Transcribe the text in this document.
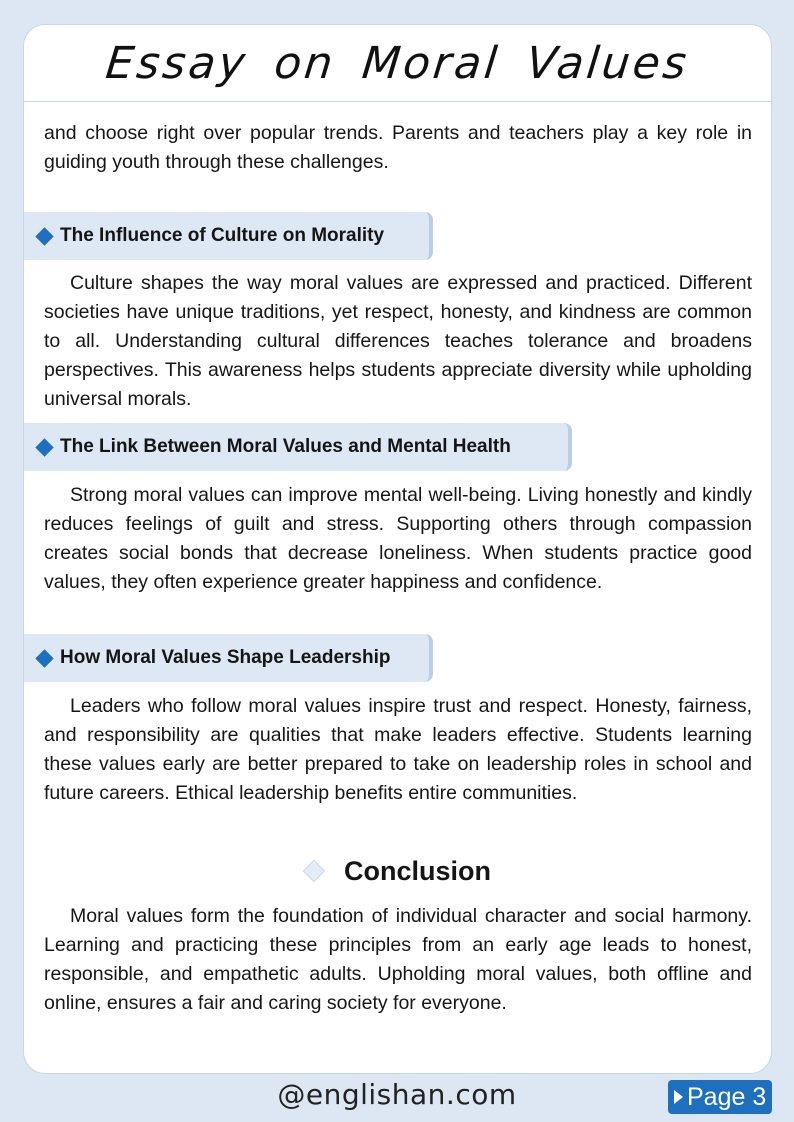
Essay on Moral Values

and choose right over popular trends. Parents and teachers play a key role in guiding youth through these challenges.

The Influence of Culture on Morality

Culture shapes the way moral values are expressed and practiced. Different societies have unique traditions, yet respect, honesty, and kindness are common to all. Understanding cultural differences teaches tolerance and broadens perspectives. This awareness helps students appreciate diversity while upholding universal morals.

The Link Between Moral Values and Mental Health

Strong moral values can improve mental well-being. Living honestly and kindly reduces feelings of guilt and stress. Supporting others through compassion creates social bonds that decrease loneliness. When students practice good values, they often experience greater happiness and confidence.

How Moral Values Shape Leadership

Leaders who follow moral values inspire trust and respect. Honesty, fairness, and responsibility are qualities that make leaders effective. Students learning these values early are better prepared to take on leadership roles in school and future careers. Ethical leadership benefits entire communities.

Conclusion

Moral values form the foundation of individual character and social harmony. Learning and practicing these principles from an early age leads to honest, responsible, and empathetic adults. Upholding moral values, both offline and online, ensures a fair and caring society for everyone.

@englishan.com	Page 3
